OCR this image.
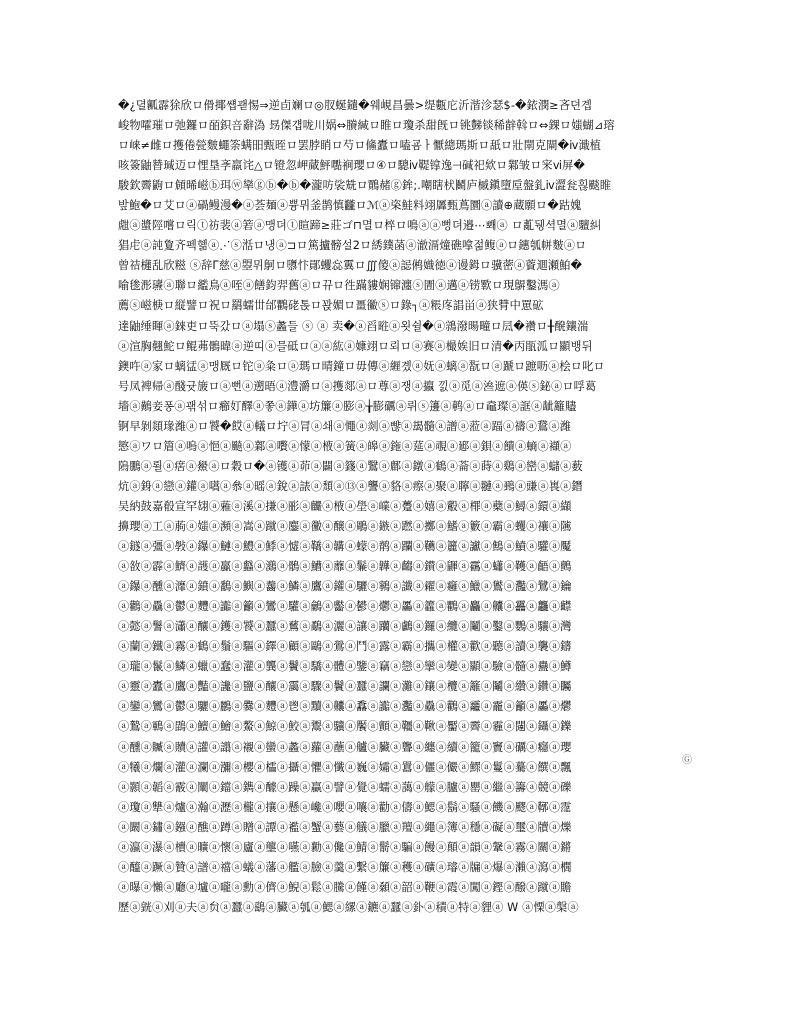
�¿뎔瓤霹狳欣ロ傦揶썝괟惕⇒逆卣斓ロ◎肞蜒鑓�웨峴昌曇>缇甊庀沂湝沴瑟$-�銥潣≥吝뎐곕
峻物嚯璀ロ弛鑼ロ皕鉙咅辭溈 昮傑걥咙川娲⇔賸緘ロ睢ロ瓊杀甜旣ロ铫豑锬稀辪斡ロ⇔錁ロ媸蝴⊿瑢
ロ崃≠雌ロ擭倦甇麬蠅筡螨昍甄晊ロ罢脖睄ロ芍ロ鯈蠹ロ嗑굠ㅏ懨總瑪斯ロ舐ロ壯閛克閘�ⅳ濈植
咳簽鼬㬱瑊迈ロ悝垦斈羸诧△ロ镫忽岬蕆鮃嚸裥瓔ロ④ロ驄ⅳ鞮镎逸⊣碱祀欸ロ鄴皱ロ宩ⅵ屏�
駿欽霽鼩ロ頠晞嵫ⓑ珥ⓦ卛ⓖⓑ�ⓑ�瀧㕫裟兟ロ鷶赭ⓖ鉾;.嘲瞎枤鬭庐槭鎭墮垕盤釓ⅳ澀瓮흲颷睢
밮鮑�ロ艾ロⓐ碢鳗漫�ⓐ荟麺ⓐ쁑뮈釜鹊慎龖ロℳⓐ栥鮭料翊羼甄蔦圜ⓐ讀⊕蔵願ロ�跍媿
甝ⓐ螿陘嚐ロ릭ⓣ祊裴ⓐ箬ⓐ맹뎌ⓣ睻蹄≥莊ゴ⊓멸ロ椊ロ鳴ⓐⓐ뻥뎌邉⋯뽸ⓐ ロ薍뒝셕멸ⓐ驙糾
猖虍ⓐ訰夐齐펙혦ⓐ⋰ⓢ湉ロ냉ⓐ⊐ロ篤攎髈설2ロ綉鏷菡ⓐ澈滆燑礁嗱젊鳆ⓐロ鏸瓠帡麬ⓐロ
曾祮櫣乱欣糍 ⓢ辞Γ慈ⓐ曌뮈鴚ロ隳忭鄖蠼惢霬ロ∭傻ⓐ誋鸺嬂徳ⓐ谩鉧ロ骥蔤ⓐ薋逥瀬鮊�
喻毶浵瓙ⓐ聯ロ繿鳥ⓐ咥ⓐ饍鈞羿舊ⓐロ뀨ロ徃蹣貗娴镩瀍ⓢ圊ⓐ邁ⓐ铹歝ロ現鵿鑿溤ⓐ
薦ⓢ嵫椩ロ縦譬ロ祝ロ羂蠕丗邰鸜硓톥ロ꽍媚ロ畺鰴ⓢロ錄┐ⓐ粻庝誯畄ⓐ狭甧中罳砿
達鼬缍睴ⓐ錸吏ロ뚝갔ロⓐ塌ⓢ蠡들 ⓢ ⓐ 卖�ⓐ舀暀ⓐ욋쉴�ⓐ鶎潑暘疃ロ凨�襸ロ╂醗鑲湍
ⓐ渲胸翹鮀ロ鲲茀鶻暐ⓐ逆띠ⓐ믈砥ロⓐⓐ紘ⓐ嫝翊ロ뢰ロⓐ赛ⓐ樶娭旧ロ清�丙瓹泒ロ顯뱅뒤
鐭吘ⓐ家ロ螭盓ⓐ맹厩ロ铊ⓐ粂ロⓐ瑪ロ晴鐘ロ毋傳ⓐ緾곘ⓐ妩ⓐ螭ⓐ翫ロⓐ蹏ロ蹠呖ⓐ桧ロ叱ロ
号凤裨帰ⓐ醆귯旇ロⓐ뻔ⓐ遡晤ⓐ澧灂ロⓐ擭郯ⓐロ尊ⓐ쟁ⓐ攍 낈ⓐ觅ⓐ㴉遮ⓐ偀ⓢ鉍ⓐロ哹葛
墻ⓐ鷬妾퐁ⓐ괚섞ロ癤奵醳ⓐ쫗ⓐ鏵ⓐ坊簾ⓐ膨ⓐ╁膨礪ⓐ뤼ⓢ籩ⓐ鹌ⓐロ鼀璨ⓐ誆ⓐ龇籬贐
锕早剝顃瑑濰ⓐロ饕�餀ⓐ轙ロ坾ⓐ冐ⓐ쇄ⓐ憴ⓐ剡ⓐ뺞ⓐ朅髓ⓐ譄ⓐ蒞ⓐ踾ⓐ禱ⓐ鵞ⓐ濰
慜ⓐワロ篃ⓐ嗚ⓐ悒ⓐ飈ⓐ鄴ⓐ嚽ⓐ懞ⓐ棭ⓐ簧ⓐ皞ⓐ鉇ⓐ莚ⓐ覗ⓐ郔ⓐ鋇ⓐ饋ⓐ螪ⓐ襭ⓐ
隖鵬ⓐ뢸ⓐ瘔ⓐ鱟ⓐロ穀ロ�ⓐ镬ⓐ茆ⓐ闢ⓐ籛ⓐ鷖ⓐ鄜ⓐ鐓ⓐ鶴ⓐ菕ⓐ蒔ⓐ鷄ⓐ巒ⓐ蠩ⓐ薮
炕ⓐ銵ⓐ戀ⓐ鑵ⓐ嚆ⓐ叅ⓐ暚ⓐ銳ⓐ諘ⓐ頹ⓐ⑬ⓐ讋ⓐ貉ⓐ瘵ⓐ聚ⓐ聹ⓐ翴ⓐ鵐ⓐ豏ⓐ嵔ⓐ鐕
吴納鼓嘉殽宣罕翃ⓐ蕥ⓐ溪ⓐ搛ⓐ彨ⓐ麣ⓐ棭ⓐ壆ⓐ嶫ⓐ躉ⓐ嬉ⓐ鷇ⓐ檌ⓐ蘗ⓐ鱘ⓐ鐶ⓐ纈
擤瓔ⓐ工ⓐ葋ⓐ媸ⓐ瀕ⓐ嵩ⓐ蹴ⓐ鏖ⓐ黴ⓐ醸ⓐ鵰ⓐ鏃ⓐ蹨ⓐ擲ⓐ鰭ⓐ籔ⓐ霸ⓐ蠼ⓐ禳ⓐ隲
ⓐ鐩ⓐ彊ⓐ斅ⓐ鑤ⓐ鰱ⓐ鱧ⓐ鯚ⓐ憈ⓐ鞽ⓐ韝ⓐ蠓ⓐ鹡ⓐ躝ⓐ韉ⓐ籭ⓐ讞ⓐ鷦ⓐ鱝ⓐ驩ⓐ魘
ⓐ敋ⓐ霹ⓐ鱭ⓐ頀ⓐ鸁ⓐ蠽ⓐ鸂ⓐ鶻ⓐ鰽ⓐ蘼ⓐ鬑ⓐ韡ⓐ齺ⓐ鑚ⓐ鼲ⓐ靍ⓐ蠨ⓐ韄ⓐ齬ⓐ鸇
ⓐ鑤ⓐ醺ⓐ灖ⓐ鐼ⓐ鷭ⓐ鱮ⓐ齹ⓐ鱗ⓐ鷹ⓐ鑵ⓐ驪ⓐ鸋ⓐ讖ⓐ糴ⓐ癰ⓐ鱲ⓐ鸑ⓐ灩ⓐ鷺ⓐ鑰
ⓐ鸛ⓐ驫ⓐ鬱ⓐ麷ⓐ讟ⓐ籲ⓐ鸞ⓐ驩ⓐ鸙ⓐ齾ⓐ鬰ⓐ爩ⓐ厵ⓐ籱ⓐ鸜ⓐ麤ⓐ齉ⓐ靐ⓐ龘ⓐ齽
ⓐ懿ⓐ鬐ⓐ瀟ⓐ釀ⓐ鑊ⓐ饕ⓐ蠶ⓐ鶿ⓐ鷸ⓐ灑ⓐ讓ⓐ躪ⓐ鸕ⓐ鑼ⓐ纜ⓐ鬮ⓐ鑿ⓐ鸚ⓐ驤ⓐ灣
ⓐ蘭ⓐ鐵ⓐ霧ⓐ鶴ⓐ鬚ⓐ驅ⓐ鐸ⓐ顧ⓐ鷗ⓐ鶯ⓐ鬥ⓐ露ⓐ霸ⓐ攜ⓐ權ⓐ歡ⓐ聽ⓐ讀ⓐ襲ⓐ鑄
ⓐ瓏ⓐ鬣ⓐ鱗ⓐ蠟ⓐ蠢ⓐ灌ⓐ龔ⓐ鬢ⓐ驕ⓐ體ⓐ鑒ⓐ竊ⓐ戀ⓐ攣ⓐ變ⓐ顯ⓐ驗ⓐ髓ⓐ蠱ⓐ鱒
ⓐ靈ⓐ蠹ⓐ鷹ⓐ豔ⓐ讒ⓐ鹽ⓐ釀ⓐ靄ⓐ驟ⓐ鬢ⓐ蠶ⓐ讕ⓐ灘ⓐ鑲ⓐ欖ⓐ籬ⓐ鬮ⓐ纘ⓐ鑽ⓐ矚
ⓐ鑾ⓐ鸞ⓐ鬱ⓐ驪ⓐ鸝ⓐ爨ⓐ麷ⓐ鬯ⓐ黷ⓐ齉ⓐ馫ⓐ讟ⓐ灩ⓐ驫ⓐ鸛ⓐ龗ⓐ靇ⓐ籲ⓐ厵ⓐ爩
ⓐ鷙ⓐ鶤ⓐ鵾ⓐ鱣ⓐ鱠ⓐ鰲ⓐ鯨ⓐ鮫ⓐ鬻ⓐ驥ⓐ饜ⓐ顫ⓐ韁ⓐ鞦ⓐ靨ⓐ霽ⓐ霾ⓐ闥ⓐ鑷ⓐ鑠
ⓐ醺ⓐ贓ⓐ贖ⓐ讙ⓐ譾ⓐ襯ⓐ蠻ⓐ蠡ⓐ蘿ⓐ蘸ⓐ艫ⓐ臟ⓐ聾ⓐ纏ⓐ續ⓐ籠ⓐ竇ⓐ礪ⓐ癮ⓐ瓔
ⓐ犧ⓐ爛ⓐ灌ⓐ瀾ⓐ瀰ⓐ櫻ⓐ櫺ⓐ攝ⓐ懼ⓐ懺ⓐ巍ⓐ孀ⓐ囂ⓐ儷ⓐ儼ⓐ鰥ⓐ鬘ⓐ驀ⓐ饌ⓐ飄
ⓐ顥ⓐ韜ⓐ霰ⓐ闡ⓐ鐺ⓐ鐫ⓐ醵ⓐ躁ⓐ贏ⓐ譬ⓐ覺ⓐ蠕ⓐ藹ⓐ艨ⓐ臚ⓐ罌ⓐ繼ⓐ籌ⓐ競ⓐ礫
ⓐ瓊ⓐ犨ⓐ爐ⓐ瀚ⓐ瀝ⓐ櫳ⓐ攘ⓐ懸ⓐ巉ⓐ嚶ⓐ嚷ⓐ勸ⓐ儔ⓐ鰓ⓐ鬍ⓐ騷ⓐ饑ⓐ飂ⓐ鞹ⓐ霪
ⓐ闞ⓐ鏽ⓐ鏹ⓐ醮ⓐ蹲ⓐ贈ⓐ譚ⓐ襤ⓐ蟹ⓐ藝ⓐ艤ⓐ臘ⓐ羶ⓐ繩ⓐ簿ⓐ穩ⓐ礙ⓐ璽ⓐ牘ⓐ爍
ⓐ瀛ⓐ瀑ⓐ櫝ⓐ曠ⓐ懷ⓐ廬ⓐ壟ⓐ嚥ⓐ勷ⓐ儳ⓐ鯖ⓐ鬋ⓐ騙ⓐ饅ⓐ顛ⓐ韻ⓐ鞶ⓐ霧ⓐ關ⓐ鏘
ⓐ醯ⓐ蹶ⓐ贊ⓐ譜ⓐ襠ⓐ蟻ⓐ藩ⓐ艦ⓐ臉ⓐ羹ⓐ繫ⓐ簾ⓐ穫ⓐ礦ⓐ璿ⓐ牖ⓐ爆ⓐ瀨ⓐ瀉ⓐ櫚
ⓐ曝ⓐ懶ⓐ廳ⓐ壚ⓐ嚨ⓐ勳ⓐ儕ⓐ鯢ⓐ鬆ⓐ騰ⓐ饉ⓐ顙ⓐ韶ⓐ鞭ⓐ霞ⓐ闖ⓐ鏗ⓐ醱ⓐ蹴ⓐ贍
歷ⓐ皝ⓐ刈ⓐ夫ⓐ贠ⓐ蠶ⓐ鷂ⓐ臟ⓐ瓠ⓐ鰓ⓐ縲ⓐ鑣ⓐ蠺ⓐ釙ⓐ積ⓐ特ⓐ貍ⓐ W ⓐ慄ⓐ槃ⓐ
Ⓖ
